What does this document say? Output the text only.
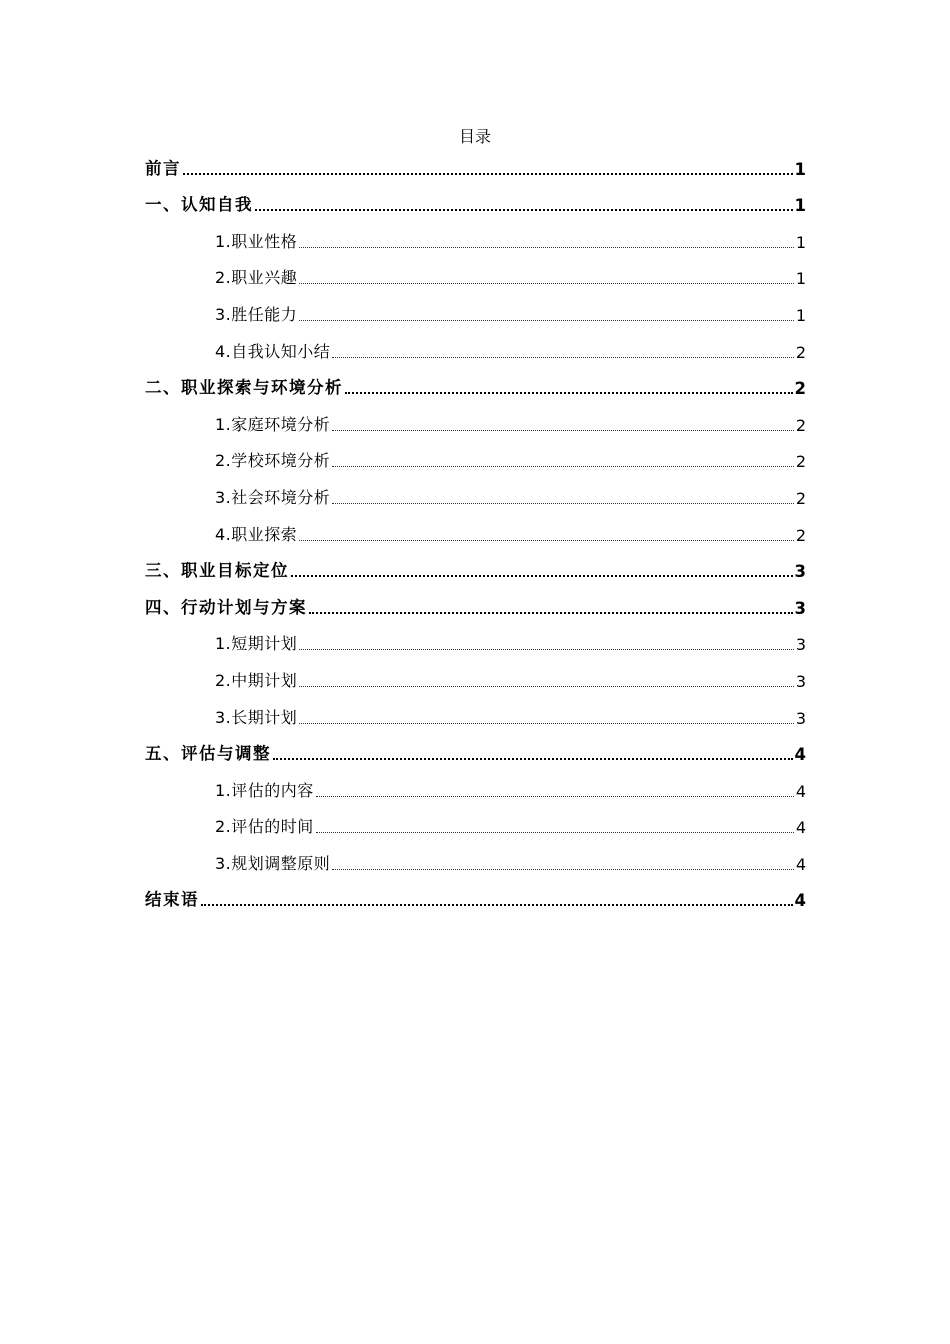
目录
前言	1
一、认知自我	1
1.职业性格	1
2.职业兴趣	1
3.胜任能力	1
4.自我认知小结	2
二、职业探索与环境分析	2
1.家庭环境分析	2
2.学校环境分析	2
3.社会环境分析	2
4.职业探索	2
三、职业目标定位	3
四、行动计划与方案	3
1.短期计划	3
2.中期计划	3
3.长期计划	3
五、评估与调整	4
1.评估的内容	4
2.评估的时间	4
3.规划调整原则	4
结束语	4
